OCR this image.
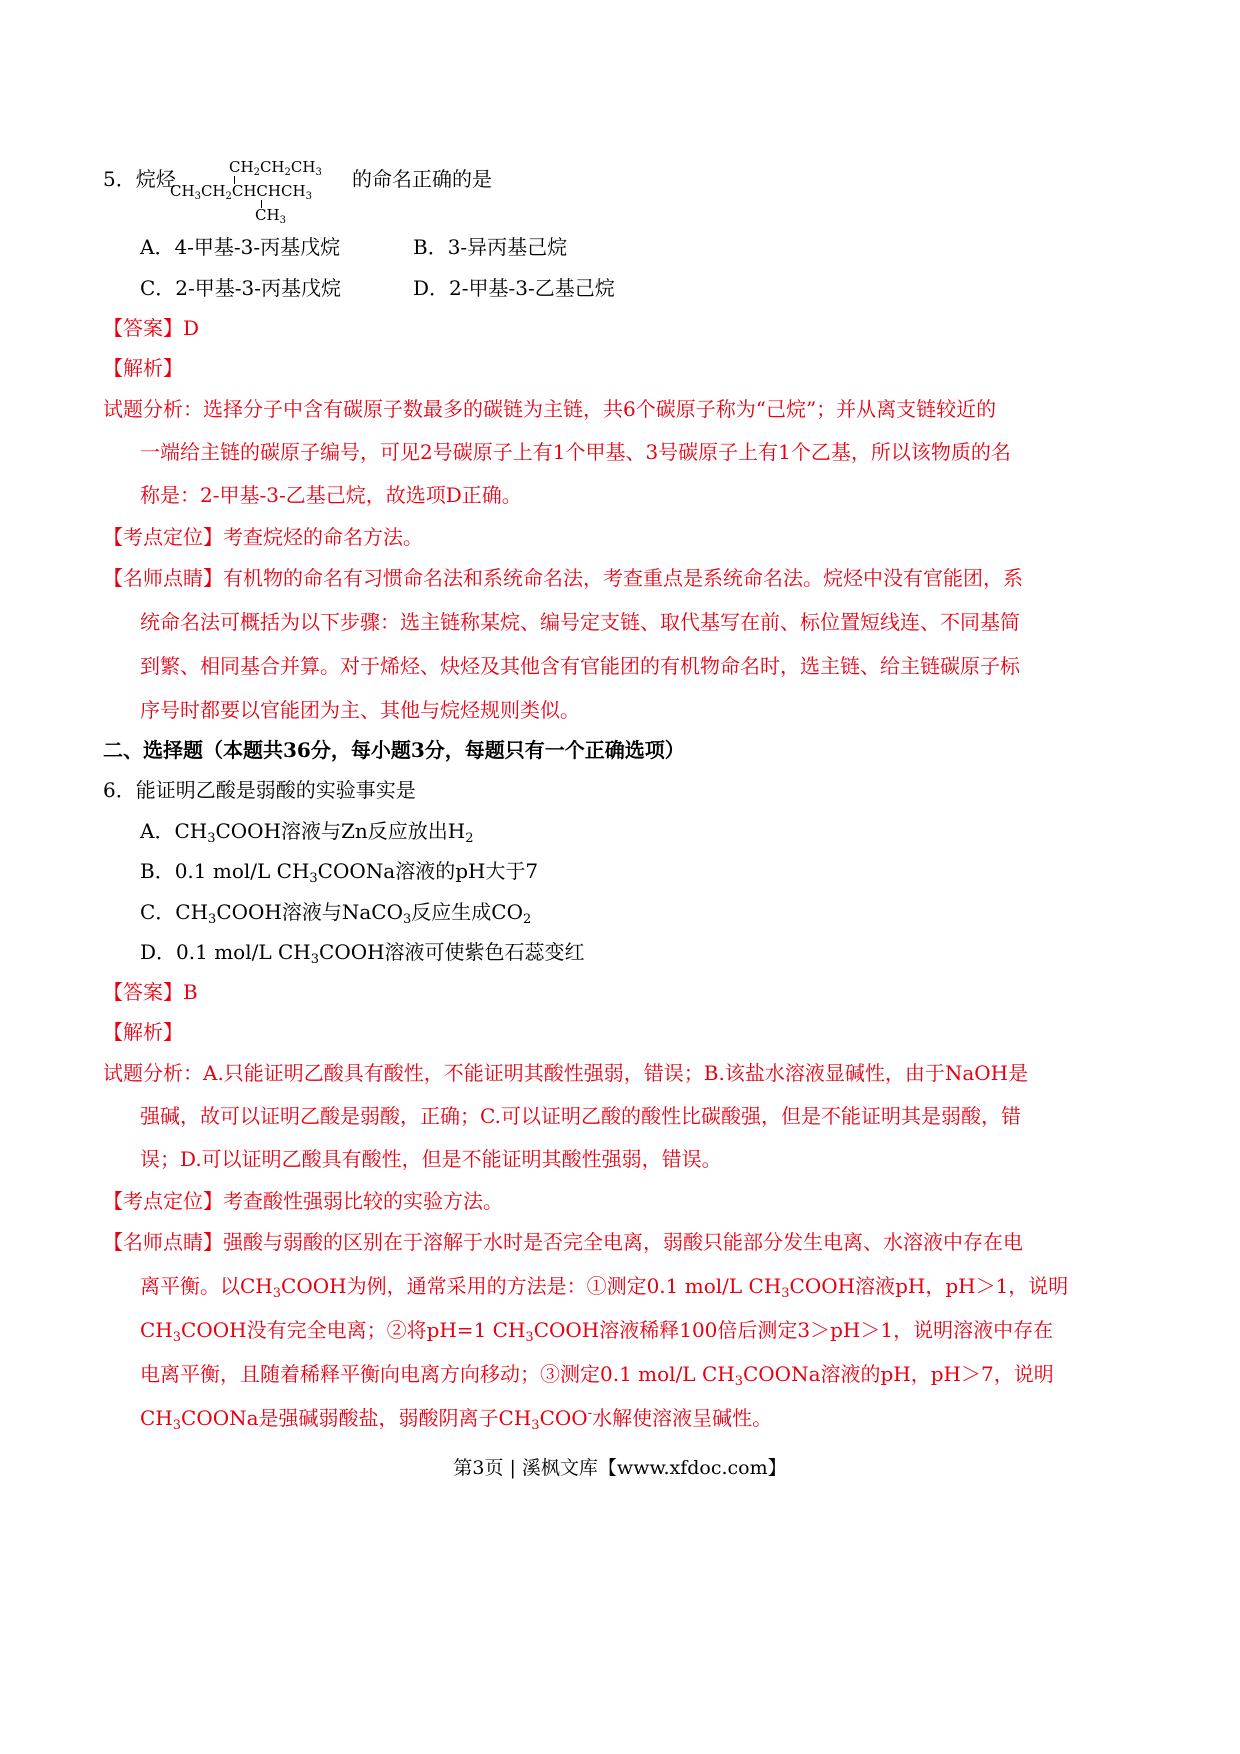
5．烷烃	$CH_2CH_2CH_3$
$CH_3CH_2CHCHCH_3$
$CH_3$
的命名正确的是
A．4-甲基-3-丙基戊烷	B．3-异丙基己烷
C．2-甲基-3-丙基戊烷	D．2-甲基-3-乙基己烷
【答案】D
【解析】
试题分析：选择分子中含有碳原子数最多的碳链为主链，共6个碳原子称为“己烷”；并从离支链较近的
一端给主链的碳原子编号，可见2号碳原子上有1个甲基、3号碳原子上有1个乙基，所以该物质的名
称是：2-甲基-3-乙基己烷，故选项D正确。
【考点定位】考查烷烃的命名方法。
【名师点睛】有机物的命名有习惯命名法和系统命名法，考查重点是系统命名法。烷烃中没有官能团，系
统命名法可概括为以下步骤：选主链称某烷、编号定支链、取代基写在前、标位置短线连、不同基简
到繁、相同基合并算。对于烯烃、炔烃及其他含有官能团的有机物命名时，选主链、给主链碳原子标
序号时都要以官能团为主、其他与烷烃规则类似。
二、选择题（本题共36分，每小题3分，每题只有一个正确选项）
6．能证明乙酸是弱酸的实验事实是
A．$CH_3COOH$溶液与Zn反应放出$H_2$
B．0.1 mol/L $CH_3COONa$溶液的pH大于7
C．$CH_3COOH$溶液与NaCO$_3$反应生成$CO_2$
D．0.1 mol/L $CH_3COOH$溶液可使紫色石蕊变红
【答案】B
【解析】
试题分析：A.只能证明乙酸具有酸性，不能证明其酸性强弱，错误；B.该盐水溶液显碱性，由于NaOH是
强碱，故可以证明乙酸是弱酸，正确；C.可以证明乙酸的酸性比碳酸强，但是不能证明其是弱酸，错
误；D.可以证明乙酸具有酸性，但是不能证明其酸性强弱，错误。
【考点定位】考查酸性强弱比较的实验方法。
【名师点睛】强酸与弱酸的区别在于溶解于水时是否完全电离，弱酸只能部分发生电离、水溶液中存在电
离平衡。以$CH_3COOH$为例，通常采用的方法是：①测定0.1 mol/L $CH_3COOH$溶液pH，pH＞1，说明
$CH_3COOH$没有完全电离；②将pH=1 $CH_3COOH$溶液稀释100倍后测定3＞pH＞1，说明溶液中存在
电离平衡，且随着稀释平衡向电离方向移动；③测定0.1 mol/L $CH_3COONa$溶液的pH，pH＞7，说明
$CH_3COONa$是强碱弱酸盐，弱酸阴离子$CH_3COO^-$水解使溶液呈碱性。
第3页 | 溪枫文库【www.xfdoc.com】
